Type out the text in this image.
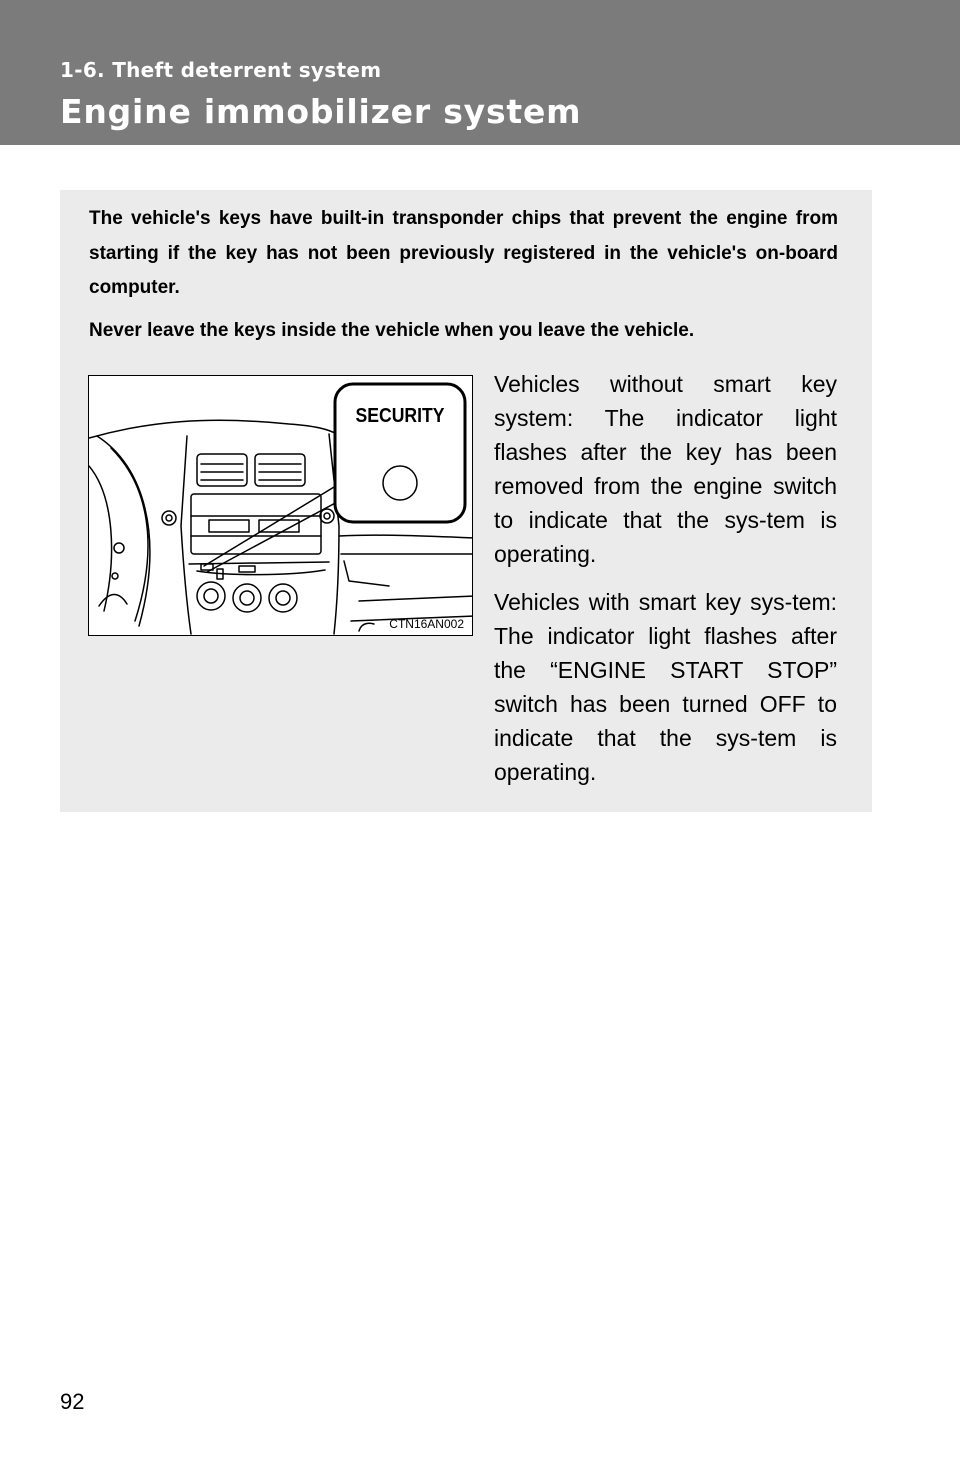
1-6. Theft deterrent system
Engine immobilizer system

The vehicle's keys have built-in transponder chips that prevent the engine from starting if the key has not been previously registered in the vehicle's on-board computer.

Never leave the keys inside the vehicle when you leave the vehicle.

CTN16AN002
SECURITY

Vehicles without smart key system: The indicator light flashes after the key has been removed from the engine switch to indicate that the sys-tem is operating.

Vehicles with smart key sys-tem: The indicator light flashes after the “ENGINE START STOP” switch has been turned OFF to indicate that the sys-tem is operating.

92
